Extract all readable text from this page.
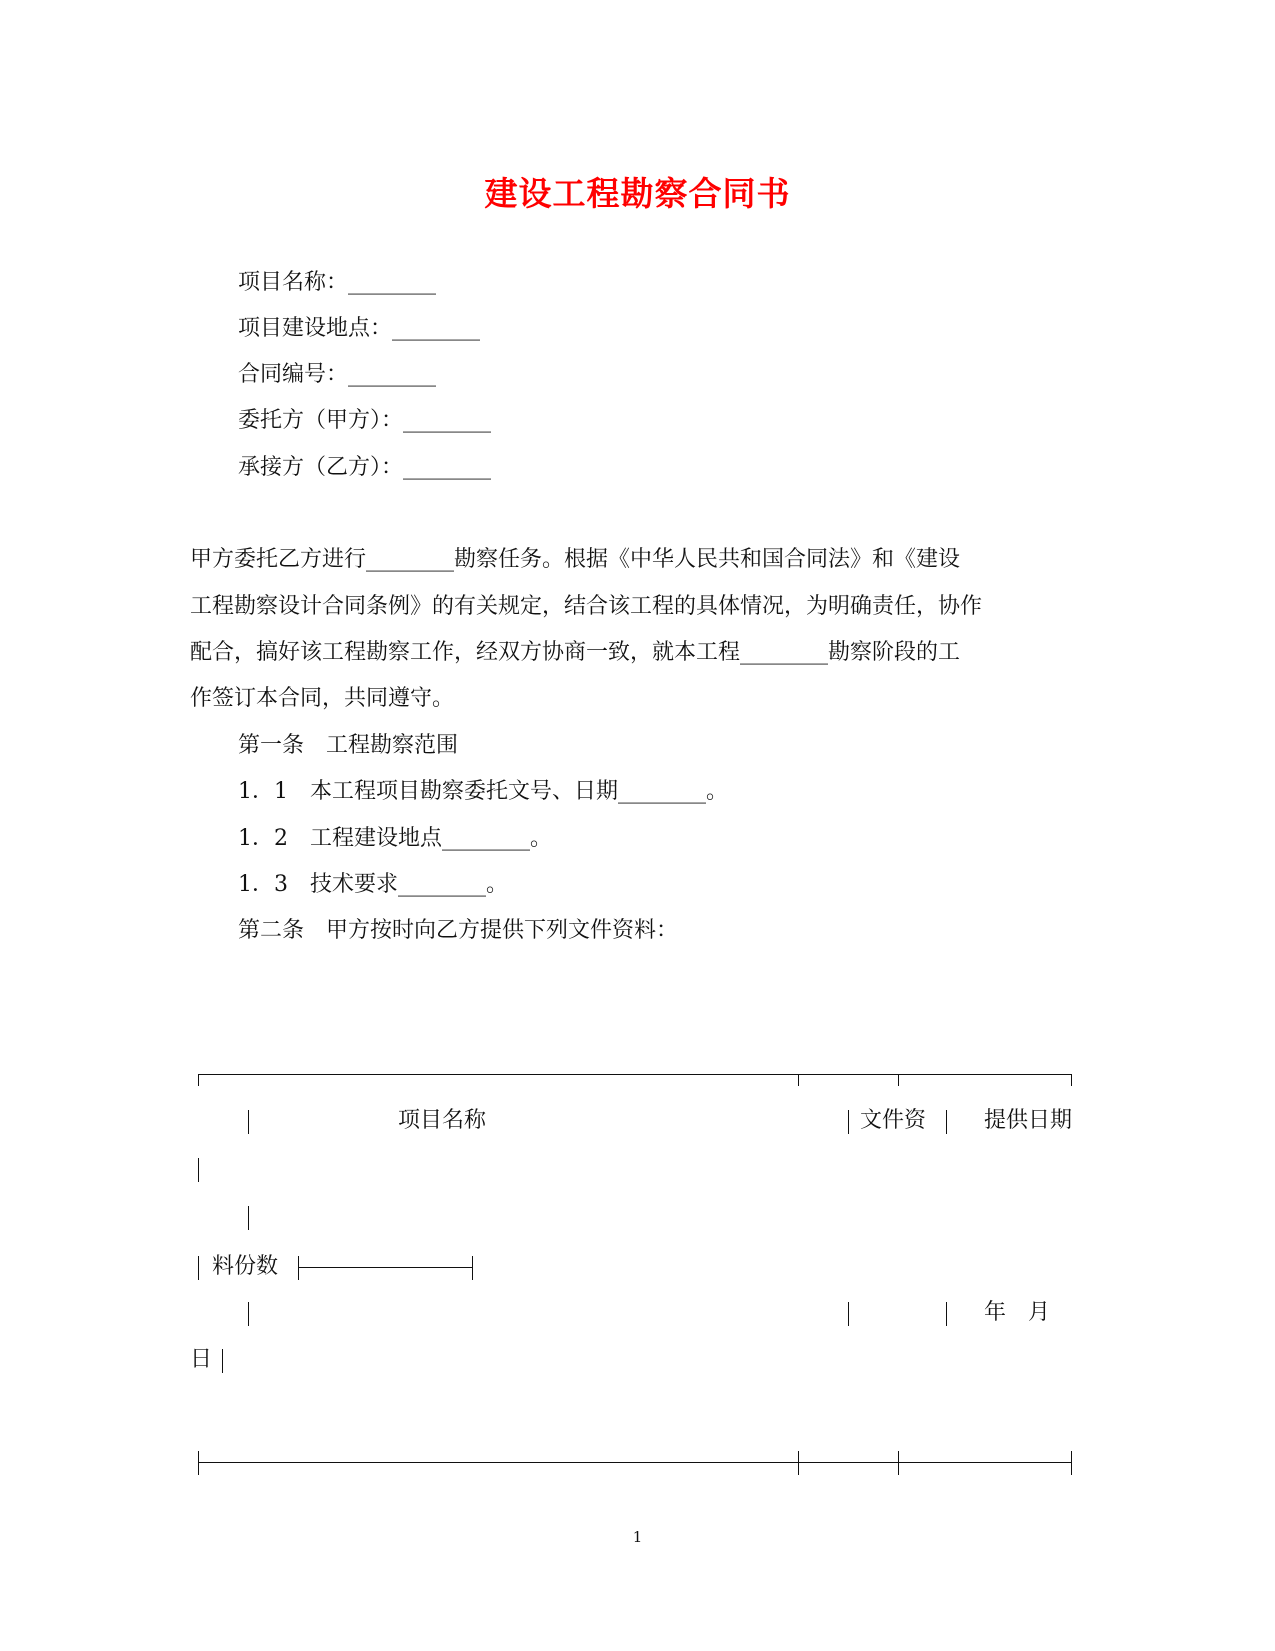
建设工程勘察合同书
项目名称：________
项目建设地点：________
合同编号：________
委托方（甲方）：________
承接方（乙方）：________
甲方委托乙方进行________勘察任务。根据《中华人民共和国合同法》和《建设
工程勘察设计合同条例》的有关规定，结合该工程的具体情况，为明确责任，协作
配合，搞好该工程勘察工作，经双方协商一致，就本工程________勘察阶段的工
作签订本合同，共同遵守。
第一条　工程勘察范围
1．1　本工程项目勘察委托文号、日期________。
1．2　工程建设地点________。
1．3　技术要求________。
第二条　甲方按时向乙方提供下列文件资料：
项目名称	文件资	提供日期
料份数
年　月
日
1
